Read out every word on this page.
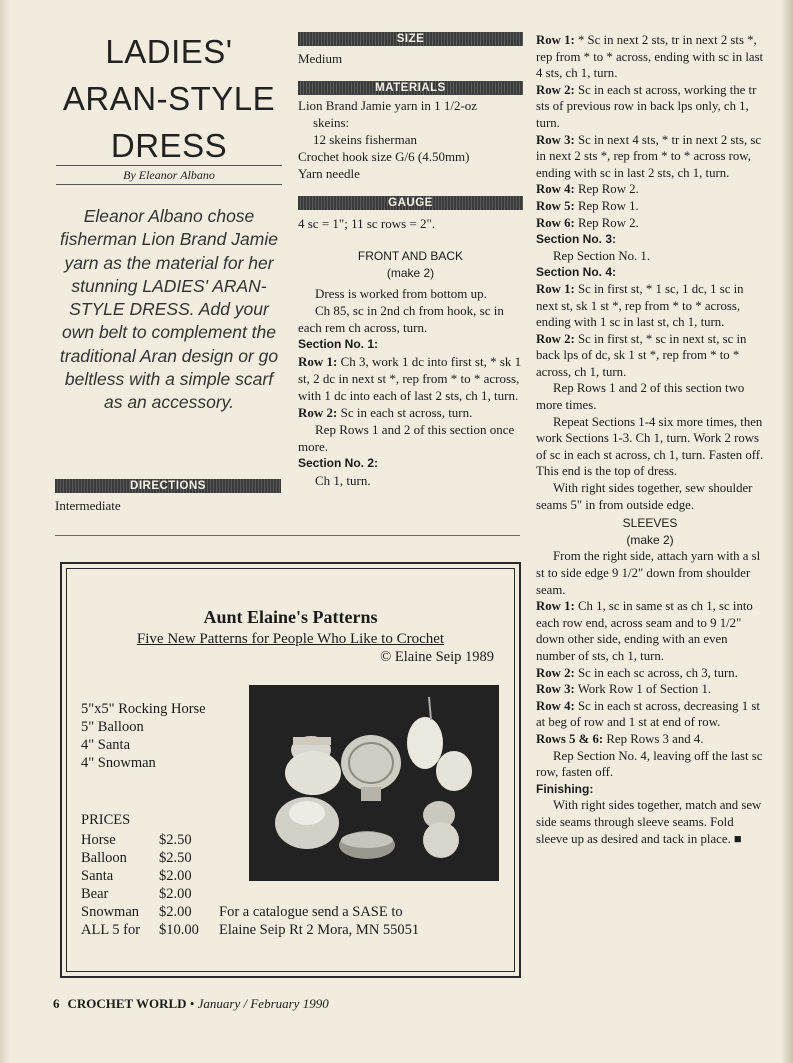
LADIES'
ARAN-STYLE
DRESS
By Eleanor Albano
Eleanor Albano chose fisherman Lion Brand Jamie yarn as the material for her stunning LADIES' ARAN-STYLE DRESS. Add your own belt to complement the traditional Aran design or go beltless with a simple scarf as an accessory.
DIRECTIONS
Intermediate
SIZE

Medium

MATERIALS

Lion Brand Jamie yarn in 1 1/2-oz

skeins:

12 skeins fisherman

Crochet hook size G/6 (4.50mm)

Yarn needle

GAUGE

4 sc = 1"; 11 sc rows = 2".

FRONT AND BACK

(make 2)

Dress is worked from bottom up.

Ch 85, sc in 2nd ch from hook, sc in each rem ch across, turn.

Section No. 1:

Row 1: Ch 3, work 1 dc into first st, * sk 1 st, 2 dc in next st *, rep from * to * across, with 1 dc into each of last 2 sts, ch 1, turn.

Row 2: Sc in each st across, turn.

Rep Rows 1 and 2 of this section once more.

Section No. 2:

Ch 1, turn.

Row 1: * Sc in next 2 sts, tr in next 2 sts *, rep from * to * across, ending with sc in last 4 sts, ch 1, turn.

Row 2: Sc in each st across, working the tr sts of previous row in back lps only, ch 1, turn.

Row 3: Sc in next 4 sts, * tr in next 2 sts, sc in next 2 sts *, rep from * to * across row, ending with sc in last 2 sts, ch 1, turn.

Row 4: Rep Row 2.

Row 5: Rep Row 1.

Row 6: Rep Row 2.

Section No. 3:

Rep Section No. 1.

Section No. 4:

Row 1: Sc in first st, * 1 sc, 1 dc, 1 sc in next st, sk 1 st *, rep from * to * across, ending with 1 sc in last st, ch 1, turn.

Row 2: Sc in first st, * sc in next st, sc in back lps of dc, sk 1 st *, rep from * to * across, ch 1, turn.

Rep Rows 1 and 2 of this section two more times.

Repeat Sections 1-4 six more times, then work Sections 1-3. Ch 1, turn. Work 2 rows of sc in each st across, ch 1, turn. Fasten off. This end is the top of dress.

With right sides together, sew shoulder seams 5" in from outside edge.

SLEEVES

(make 2)

From the right side, attach yarn with a sl st to side edge 9 1/2" down from shoulder seam.

Row 1: Ch 1, sc in same st as ch 1, sc into each row end, across seam and to 9 1/2" down other side, ending with an even number of sts, ch 1, turn.

Row 2: Sc in each sc across, ch 3, turn.

Row 3: Work Row 1 of Section 1.

Row 4: Sc in each st across, decreasing 1 st at beg of row and 1 st at end of row.

Rows 5 & 6: Rep Rows 3 and 4.

Rep Section No. 4, leaving off the last sc row, fasten off.

Finishing:

With right sides together, match and sew side seams through sleeve seams. Fold sleeve up as desired and tack in place. ■

Aunt Elaine's Patterns
Five New Patterns for People Who Like to Crochet
© Elaine Seip 1989
5"x5" Rocking Horse
5" Balloon
4" Santa
4" Snowman
PRICES
Horse	$2.50
Balloon $2.50
Santa	$2.00
Bear	$2.00
Snowman $2.00
ALL 5 for $10.00
For a catalogue send a SASE to
Elaine Seip Rt 2 Mora, MN 55051
6 CROCHET WORLD • January / February 1990
